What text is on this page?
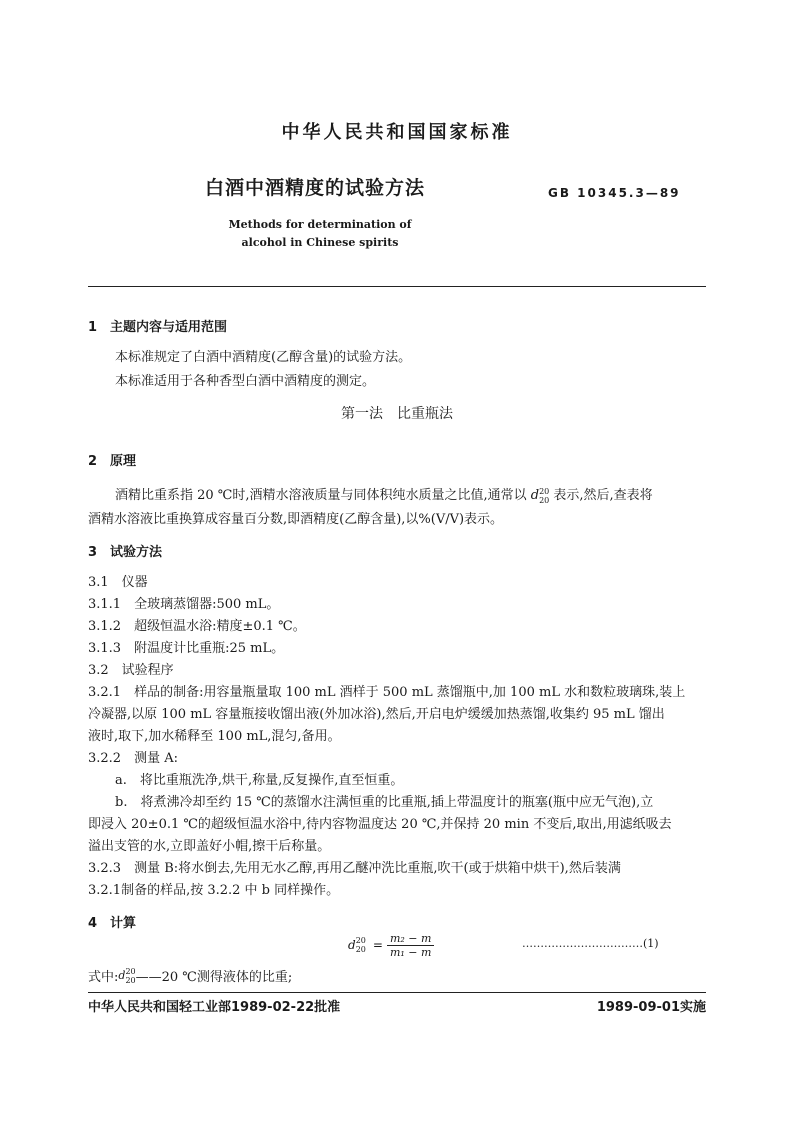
中华人民共和国国家标准
白酒中酒精度的试验方法	GB 10345.3—89
Methods for determination of
alcohol in Chinese spirits
1　主题内容与适用范围
本标准规定了白酒中酒精度(乙醇含量)的试验方法。
本标准适用于各种香型白酒中酒精度的测定。
第一法　比重瓶法
2　原理
酒精比重系指 20 ℃时,酒精水溶液质量与同体积纯水质量之比值,通常以 d 20
20 表示,然后,查表将
酒精水溶液比重换算成容量百分数,即酒精度(乙醇含量),以%(V/V)表示。
3　试验方法
3.1　仪器
3.1.1　全玻璃蒸馏器:500 mL。
3.1.2　超级恒温水浴:精度±0.1 ℃。
3.1.3　附温度计比重瓶:25 mL。
3.2　试验程序
3.2.1　样品的制备:用容量瓶量取 100 mL 酒样于 500 mL 蒸馏瓶中,加 100 mL 水和数粒玻璃珠,装上
冷凝器,以原 100 mL 容量瓶接收馏出液(外加冰浴),然后,开启电炉缓缓加热蒸馏,收集约 95 mL 馏出
液时,取下,加水稀释至 100 mL,混匀,备用。
3.2.2　测量 A:
a.　将比重瓶洗净,烘干,称量,反复操作,直至恒重。
b.　将煮沸冷却至约 15 ℃的蒸馏水注满恒重的比重瓶,插上带温度计的瓶塞(瓶中应无气泡),立
即浸入 20±0.1 ℃的超级恒温水浴中,待内容物温度达 20 ℃,并保持 20 min 不变后,取出,用滤纸吸去
溢出支管的水,立即盖好小帽,擦干后称量。
3.2.3　测量 B:将水倒去,先用无水乙醇,再用乙醚冲洗比重瓶,吹干(或于烘箱中烘干),然后装满
3.2.1制备的样品,按 3.2.2 中 b 同样操作。
4　计算
d 20
$20 = \frac{\text{m₂ − m}}{\text{m₁ − m}}$	……………………………(1)
式中: d 20
20 ——20 ℃测得液体的比重;
中华人民共和国轻工业部1989-02-22批准	1989-09-01实施
